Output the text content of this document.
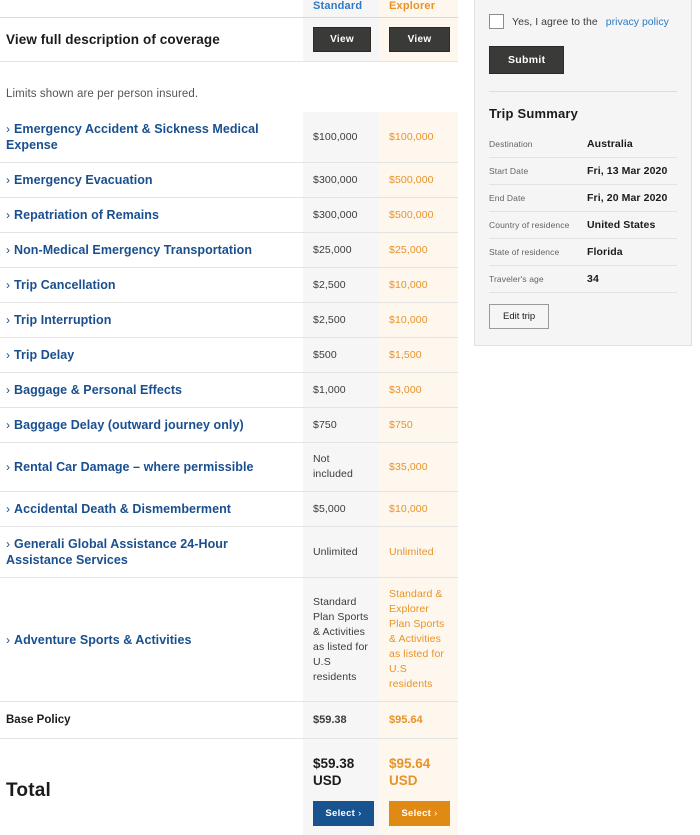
Standard	Explorer
View full description of coverage	View	View
Limits shown are per person insured.
› Emergency Accident & Sickness Medical Expense
$100,000	$100,000
› Emergency Evacuation	$300,000	$500,000
› Repatriation of Remains	$300,000	$500,000
› Non-Medical Emergency Transportation	$25,000	$25,000
› Trip Cancellation	$2,500	$10,000
› Trip Interruption	$2,500	$10,000
› Trip Delay	$500	$1,500
› Baggage & Personal Effects	$1,000	$3,000
› Baggage Delay (outward journey only)	$750	$750
› Rental Car Damage – where permissible
Not included
$35,000
› Accidental Death & Dismemberment	$5,000	$10,000
› Generali Global Assistance 24-Hour Assistance Services
Unlimited	Unlimited
› Adventure Sports & Activities
Standard Plan Sports & Activities as listed for U.S residents
Standard & Explorer Plan Sports & Activities as listed for U.S residents
Base Policy	$59.38	$95.64
Total
$59.38
USD
Select ›
$95.64
USD
Select ›
Yes, I agree to the privacy policy
Submit
Trip Summary
Destination	Australia
Start Date	Fri, 13 Mar 2020
End Date	Fri, 20 Mar 2020
Country of residence	United States
State of residence	Florida
Traveler's age	34
Edit trip
